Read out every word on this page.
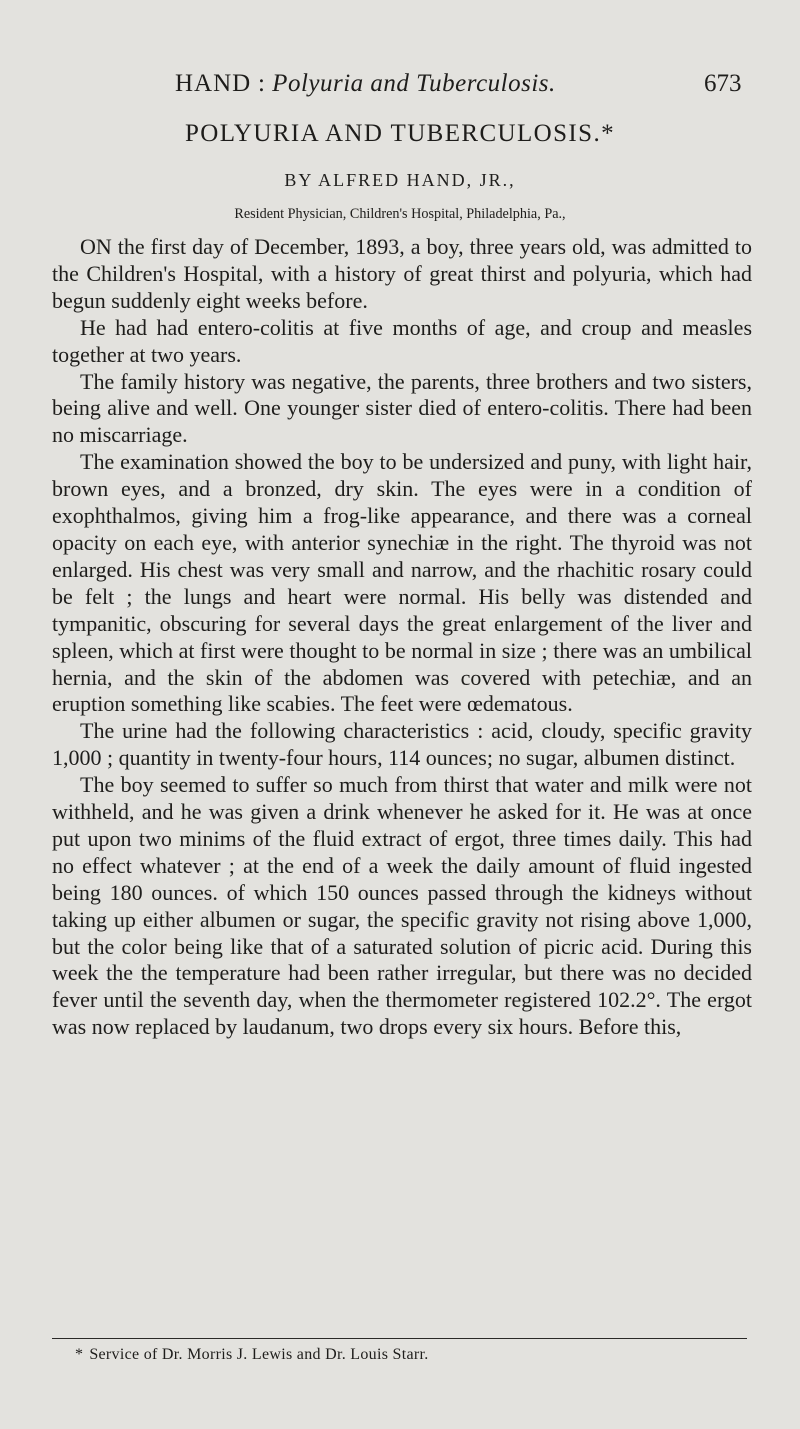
HAND : Polyuria and Tuberculosis.	673
POLYURIA AND TUBERCULOSIS.*
BY ALFRED HAND, JR.,
Resident Physician, Children's Hospital, Philadelphia, Pa.,

ON the first day of December, 1893, a boy, three years old, was admitted to the Children's Hospital, with a history of great thirst and polyuria, which had begun suddenly eight weeks before.

He had had entero-colitis at five months of age, and croup and measles together at two years.

The family history was negative, the parents, three brothers and two sisters, being alive and well. One younger sister died of entero-colitis. There had been no miscarriage.

The examination showed the boy to be undersized and puny, with light hair, brown eyes, and a bronzed, dry skin. The eyes were in a condition of exophthalmos, giving him a frog-like appearance, and there was a corneal opacity on each eye, with anterior synechiæ in the right. The thyroid was not enlarged. His chest was very small and narrow, and the rhachitic rosary could be felt ; the lungs and heart were normal. His belly was distended and tympanitic, obscuring for several days the great enlargement of the liver and spleen, which at first were thought to be normal in size ; there was an umbilical hernia, and the skin of the abdomen was covered with petechiæ, and an eruption something like scabies. The feet were œdematous.

The urine had the following characteristics : acid, cloudy, specific gravity 1,000 ; quantity in twenty-four hours, 114 ounces; no sugar, albumen distinct.

The boy seemed to suffer so much from thirst that water and milk were not withheld, and he was given a drink whenever he asked for it. He was at once put upon two minims of the fluid extract of ergot, three times daily. This had no effect whatever ; at the end of a week the daily amount of fluid ingested being 180 ounces. of which 150 ounces passed through the kidneys without taking up either albumen or sugar, the specific gravity not rising above 1,000, but the color being like that of a saturated solution of picric acid. During this week the the temperature had been rather irregular, but there was no decided fever until the seventh day, when the thermometer registered 102.2°. The ergot was now replaced by laudanum, two drops every six hours. Before this,

* Service of Dr. Morris J. Lewis and Dr. Louis Starr.
